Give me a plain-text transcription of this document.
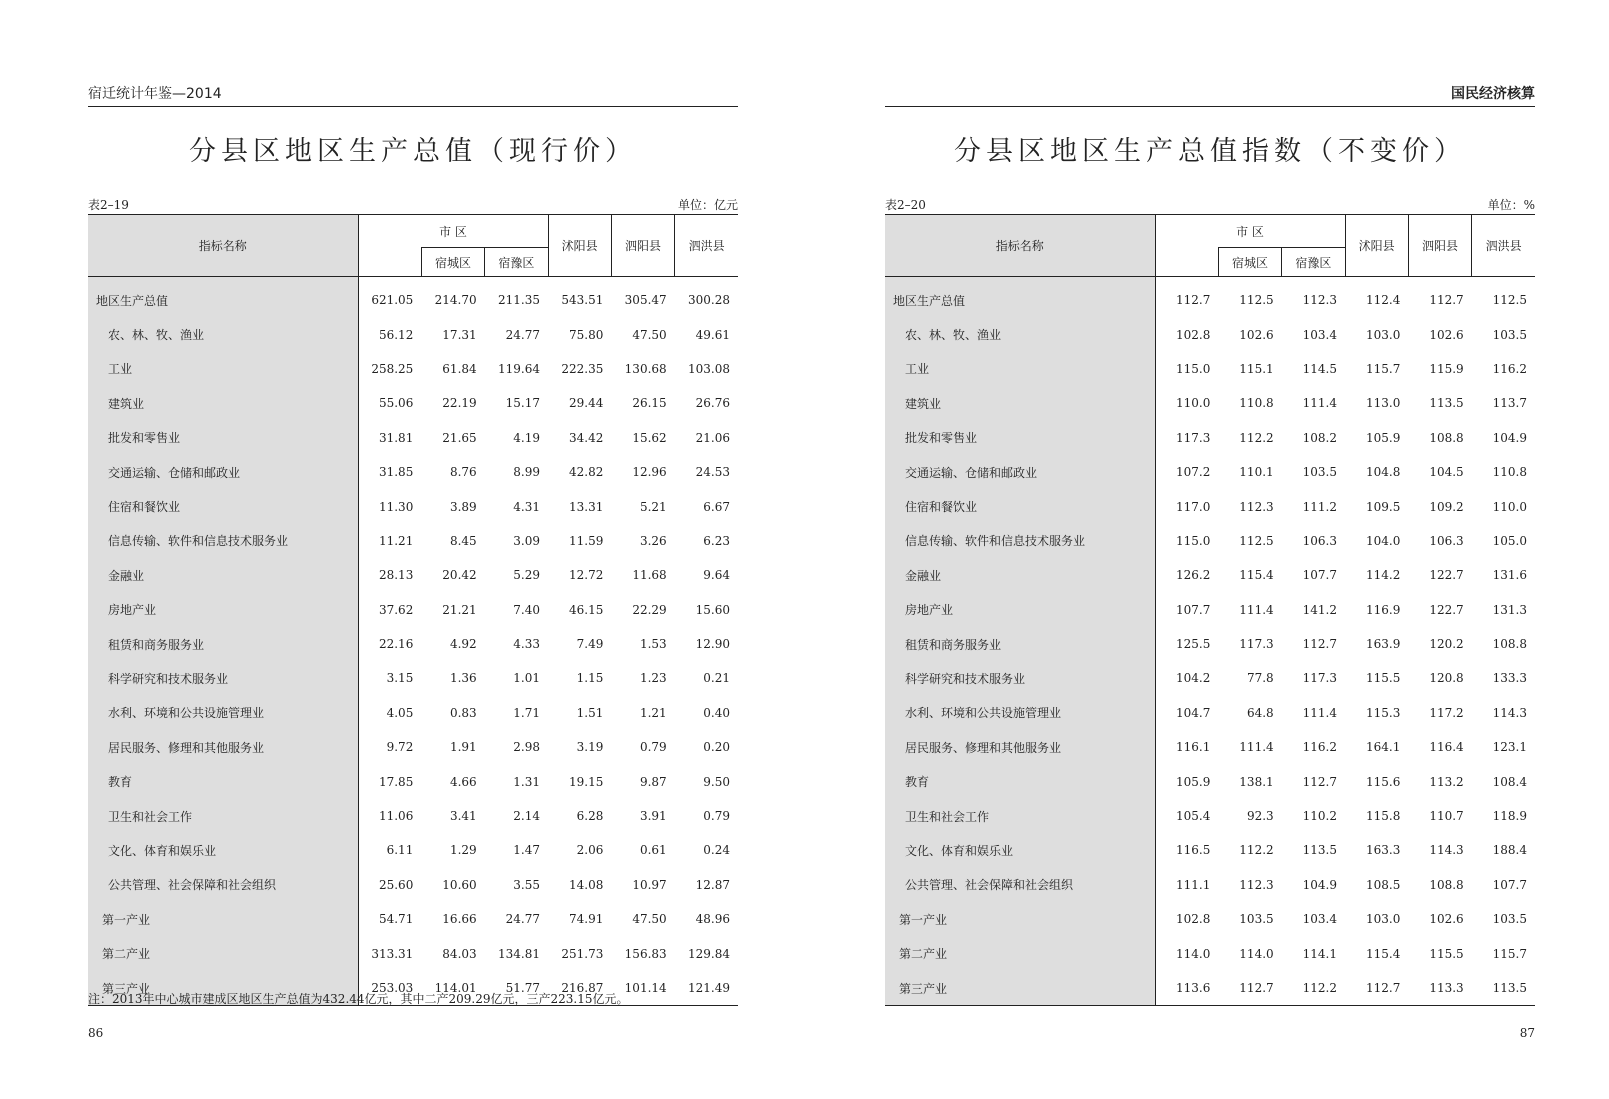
宿迁统计年鉴—2014
分县区地区生产总值（现行价）
表2–19	单位：亿元
指标名称	市 区			沭阳县	泗阳县	泗洪县
		宿城区	宿豫区			
地区生产总值	621.05	214.70	211.35	543.51	305.47	300.28
农、林、牧、渔业	56.12	17.31	24.77	75.80	47.50	49.61
工业	258.25	61.84	119.64	222.35	130.68	103.08
建筑业	55.06	22.19	15.17	29.44	26.15	26.76
批发和零售业	31.81	21.65	4.19	34.42	15.62	21.06
交通运输、仓储和邮政业	31.85	8.76	8.99	42.82	12.96	24.53
住宿和餐饮业	11.30	3.89	4.31	13.31	5.21	6.67
信息传输、软件和信息技术服务业	11.21	8.45	3.09	11.59	3.26	6.23
金融业	28.13	20.42	5.29	12.72	11.68	9.64
房地产业	37.62	21.21	7.40	46.15	22.29	15.60
租赁和商务服务业	22.16	4.92	4.33	7.49	1.53	12.90
科学研究和技术服务业	3.15	1.36	1.01	1.15	1.23	0.21
水利、环境和公共设施管理业	4.05	0.83	1.71	1.51	1.21	0.40
居民服务、修理和其他服务业	9.72	1.91	2.98	3.19	0.79	0.20
教育	17.85	4.66	1.31	19.15	9.87	9.50
卫生和社会工作	11.06	3.41	2.14	6.28	3.91	0.79
文化、体育和娱乐业	6.11	1.29	1.47	2.06	0.61	0.24
公共管理、社会保障和社会组织	25.60	10.60	3.55	14.08	10.97	12.87
第一产业	54.71	16.66	24.77	74.91	47.50	48.96
第二产业	313.31	84.03	134.81	251.73	156.83	129.84
第三产业	253.03	114.01	51.77	216.87	101.14	121.49
注：2013年中心城市建成区地区生产总值为432.44亿元，其中二产209.29亿元，三产223.15亿元。
86
国民经济核算
分县区地区生产总值指数（不变价）
表2–20	单位：%
指标名称	市 区			沭阳县	泗阳县	泗洪县
		宿城区	宿豫区			
地区生产总值	112.7	112.5	112.3	112.4	112.7	112.5
农、林、牧、渔业	102.8	102.6	103.4	103.0	102.6	103.5
工业	115.0	115.1	114.5	115.7	115.9	116.2
建筑业	110.0	110.8	111.4	113.0	113.5	113.7
批发和零售业	117.3	112.2	108.2	105.9	108.8	104.9
交通运输、仓储和邮政业	107.2	110.1	103.5	104.8	104.5	110.8
住宿和餐饮业	117.0	112.3	111.2	109.5	109.2	110.0
信息传输、软件和信息技术服务业	115.0	112.5	106.3	104.0	106.3	105.0
金融业	126.2	115.4	107.7	114.2	122.7	131.6
房地产业	107.7	111.4	141.2	116.9	122.7	131.3
租赁和商务服务业	125.5	117.3	112.7	163.9	120.2	108.8
科学研究和技术服务业	104.2	77.8	117.3	115.5	120.8	133.3
水利、环境和公共设施管理业	104.7	64.8	111.4	115.3	117.2	114.3
居民服务、修理和其他服务业	116.1	111.4	116.2	164.1	116.4	123.1
教育	105.9	138.1	112.7	115.6	113.2	108.4
卫生和社会工作	105.4	92.3	110.2	115.8	110.7	118.9
文化、体育和娱乐业	116.5	112.2	113.5	163.3	114.3	188.4
公共管理、社会保障和社会组织	111.1	112.3	104.9	108.5	108.8	107.7
第一产业	102.8	103.5	103.4	103.0	102.6	103.5
第二产业	114.0	114.0	114.1	115.4	115.5	115.7
第三产业	113.6	112.7	112.2	112.7	113.3	113.5
87
